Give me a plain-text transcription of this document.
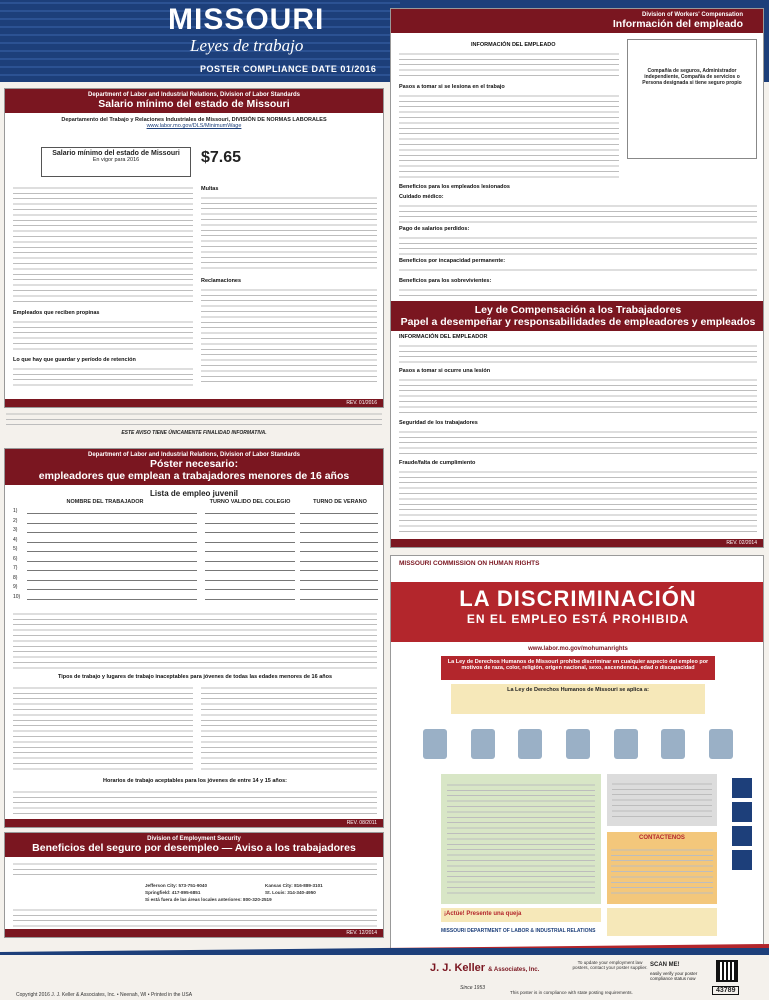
MISSOURI
Leyes de trabajo
POSTER COMPLIANCE DATE 01/2016
Department of Labor and Industrial Relations, Division of Labor Standards
Salario mínimo del estado de Missouri
Departamento del Trabajo y Relaciones Industriales de Missouri, DIVISIÓN DE NORMAS LABORALES
www.labor.mo.gov/DLS/MinimumWage
Salario mínimo del estado de Missouri
En vigor para 2016	$7.65
Empleados que reciben propinas
Lo que hay que guardar y período de retención
Multas
Reclamaciones
REV. 01/2016
ESTE AVISO TIENE ÚNICAMENTE FINALIDAD INFORMATIVA.
Department of Labor and Industrial Relations, Division of Labor Standards
Póster necesario:
empleadores que emplean a trabajadores menores de 16 años
Lista de empleo juvenil
NOMBRE DEL TRABAJADOR	TURNO VALIDO DEL COLEGIO	TURNO DE VERANO
1)
2)
3)
4)
5)
6)
7)
8)
9)
10)
Tipos de trabajo y lugares de trabajo inaceptables para jóvenes de todas las edades menores de 16 años
Horarios de trabajo aceptables para los jóvenes de entre 14 y 15 años:
REV. 08/2011
Division of Employment Security
Beneficios del seguro por desempleo — Aviso a los trabajadores
Jefferson City: 573-751-9040	Kansas City: 816-889-3101
Springfield: 417-895-6851	St. Louis: 314-340-4950
Si está fuera de las áreas locales anteriores: 800-320-2519
REV. 12/2014
Division of Workers' Compensation
Información del empleado
INFORMACIÓN DEL EMPLEADO
Compañía de seguros, Administrador independiente, Compañía de servicios o Persona designada si tiene seguro propio
Pasos a tomar si se lesiona en el trabajo
Beneficios para los empleados lesionados
Cuidado médico:
Pago de salarios perdidos:
Beneficios por incapacidad permanente:
Beneficios para los sobrevivientes:
Ley de Compensación a los Trabajadores
Papel a desempeñar y responsabilidades de empleadores y empleados
INFORMACIÓN DEL EMPLEADOR
Pasos a tomar si ocurre una lesión
Seguridad de los trabajadores
Fraude/falta de cumplimiento
REV. 02/2014
MISSOURI COMMISSION ON HUMAN RIGHTS
LA DISCRIMINACIÓN
EN EL EMPLEO ESTÁ PROHIBIDA
www.labor.mo.gov/mohumanrights
La Ley de Derechos Humanos de Missouri prohíbe discriminar en cualquier aspecto del empleo por motivos de raza, color, religión, origen nacional, sexo, ascendencia, edad o discapacidad
La Ley de Derechos Humanos de Missouri se aplica a:
CONTACTENOS
¡Actúe! Presente una queja
MISSOURI DEPARTMENT OF LABOR & INDUSTRIAL RELATIONS
J. J. Keller & Associates, Inc.
Since 1953
To update your employment law posters, contact your poster supplier.
This poster is in compliance with state posting requirements.
SCAN ME!
easily verify your poster compliance status now
43789
Copyright 2016 J. J. Keller & Associates, Inc. • Neenah, WI • Printed in the USA
